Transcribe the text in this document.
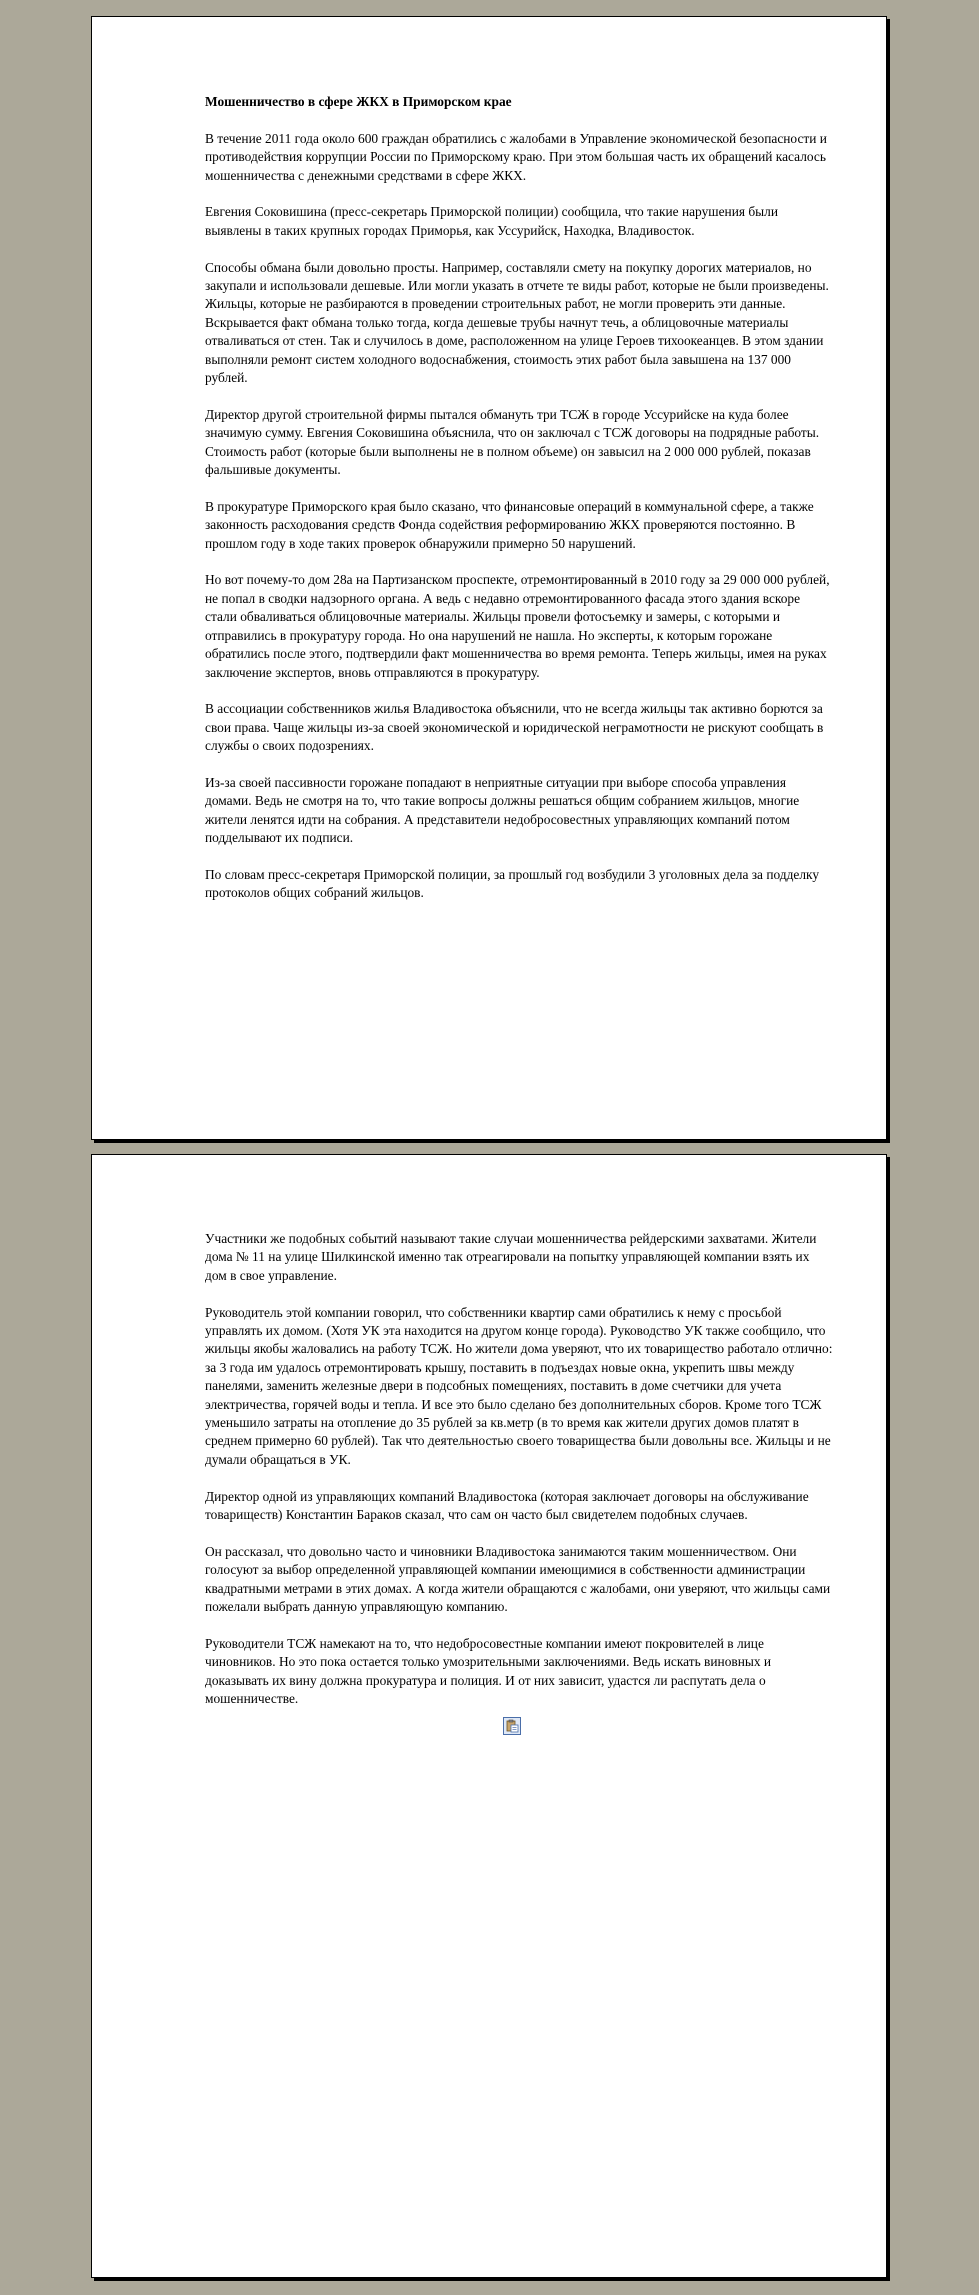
Мошенничество в сфере ЖКХ в Приморском крае

В течение 2011 года около 600 граждан обратились с жалобами в Управление экономической безопасности и противодействия коррупции России по Приморскому краю. При этом большая часть их обращений касалось мошенничества с денежными средствами в сфере ЖКХ.

Евгения Соковишина (пресс-секретарь Приморской полиции) сообщила, что такие нарушения были выявлены в таких крупных городах Приморья, как Уссурийск, Находка, Владивосток.

Способы обмана были довольно просты. Например, составляли смету на покупку дорогих материалов, но закупали и использовали дешевые. Или могли указать в отчете те виды работ, которые не были произведены. Жильцы, которые не разбираются в проведении строительных работ, не могли проверить эти данные. Вскрывается факт обмана только тогда, когда дешевые трубы начнут течь, а облицовочные материалы отваливаться от стен. Так и случилось в доме, расположенном на улице Героев тихоокеанцев. В этом здании выполняли ремонт систем холодного водоснабжения, стоимость этих работ была завышена на 137 000 рублей.

Директор другой строительной фирмы пытался обмануть три ТСЖ в городе Уссурийске на куда более значимую сумму. Евгения Соковишина объяснила, что он заключал с ТСЖ договоры на подрядные работы. Стоимость работ (которые были выполнены не в полном объеме) он завысил на 2 000 000 рублей, показав фальшивые документы.

В прокуратуре Приморского края было сказано, что финансовые операций в коммунальной сфере, а также законность расходования средств Фонда содействия реформированию ЖКХ проверяются постоянно. В прошлом году в ходе таких проверок обнаружили примерно 50 нарушений.

Но вот почему-то дом 28а на Партизанском проспекте, отремонтированный в 2010 году за 29 000 000 рублей, не попал в сводки надзорного органа. А ведь с недавно отремонтированного фасада этого здания вскоре стали обваливаться облицовочные материалы. Жильцы провели фотосъемку и замеры, с которыми и отправились в прокуратуру города. Но она нарушений не нашла. Но эксперты, к которым горожане обратились после этого, подтвердили факт мошенничества во время ремонта. Теперь жильцы, имея на руках заключение экспертов, вновь отправляются в прокуратуру.

В ассоциации собственников жилья Владивостока объяснили, что не всегда жильцы так активно борются за свои права. Чаще жильцы из-за своей экономической и юридической неграмотности не рискуют сообщать в службы о своих подозрениях.

Из-за своей пассивности горожане попадают в неприятные ситуации при выборе способа управления домами. Ведь не смотря на то, что такие вопросы должны решаться общим собранием жильцов, многие жители ленятся идти на собрания. А представители недобросовестных управляющих компаний потом подделывают их подписи.

По словам пресс-секретаря Приморской полиции, за прошлый год возбудили 3 уголовных дела за подделку протоколов общих собраний жильцов.

Участники же подобных событий называют такие случаи мошенничества рейдерскими захватами. Жители дома № 11 на улице Шилкинской именно так отреагировали на попытку управляющей компании взять их дом в свое управление.

Руководитель этой компании говорил, что собственники квартир сами обратились к нему с просьбой управлять их домом. (Хотя УК эта находится на другом конце города). Руководство УК также сообщило, что жильцы якобы жаловались на работу ТСЖ. Но жители дома уверяют, что их товарищество работало отлично: за 3 года им удалось отремонтировать крышу, поставить в подъездах новые окна, укрепить швы между панелями, заменить железные двери в подсобных помещениях, поставить в доме счетчики для учета электричества, горячей воды и тепла. И все это было сделано без дополнительных сборов. Кроме того ТСЖ уменьшило затраты на отопление до 35 рублей за кв.метр (в то время как жители других домов платят в среднем примерно 60 рублей). Так что деятельностью своего товарищества были довольны все. Жильцы и не думали обращаться в УК.

Директор одной из управляющих компаний Владивостока (которая заключает договоры на обслуживание товариществ) Константин Бараков сказал, что сам он часто был свидетелем подобных случаев.

Он рассказал, что довольно часто и чиновники Владивостока занимаются таким мошенничеством. Они голосуют за выбор определенной управляющей компании имеющимися в собственности администрации квадратными метрами в этих домах. А когда жители обращаются с жалобами, они уверяют, что жильцы сами пожелали выбрать данную управляющую компанию.

Руководители ТСЖ намекают на то, что недобросовестные компании имеют покровителей в лице чиновников. Но это пока остается только умозрительными заключениями. Ведь искать виновных и доказывать их вину должна прокуратура и полиция. И от них зависит, удастся ли распутать дела о мошенничестве.
